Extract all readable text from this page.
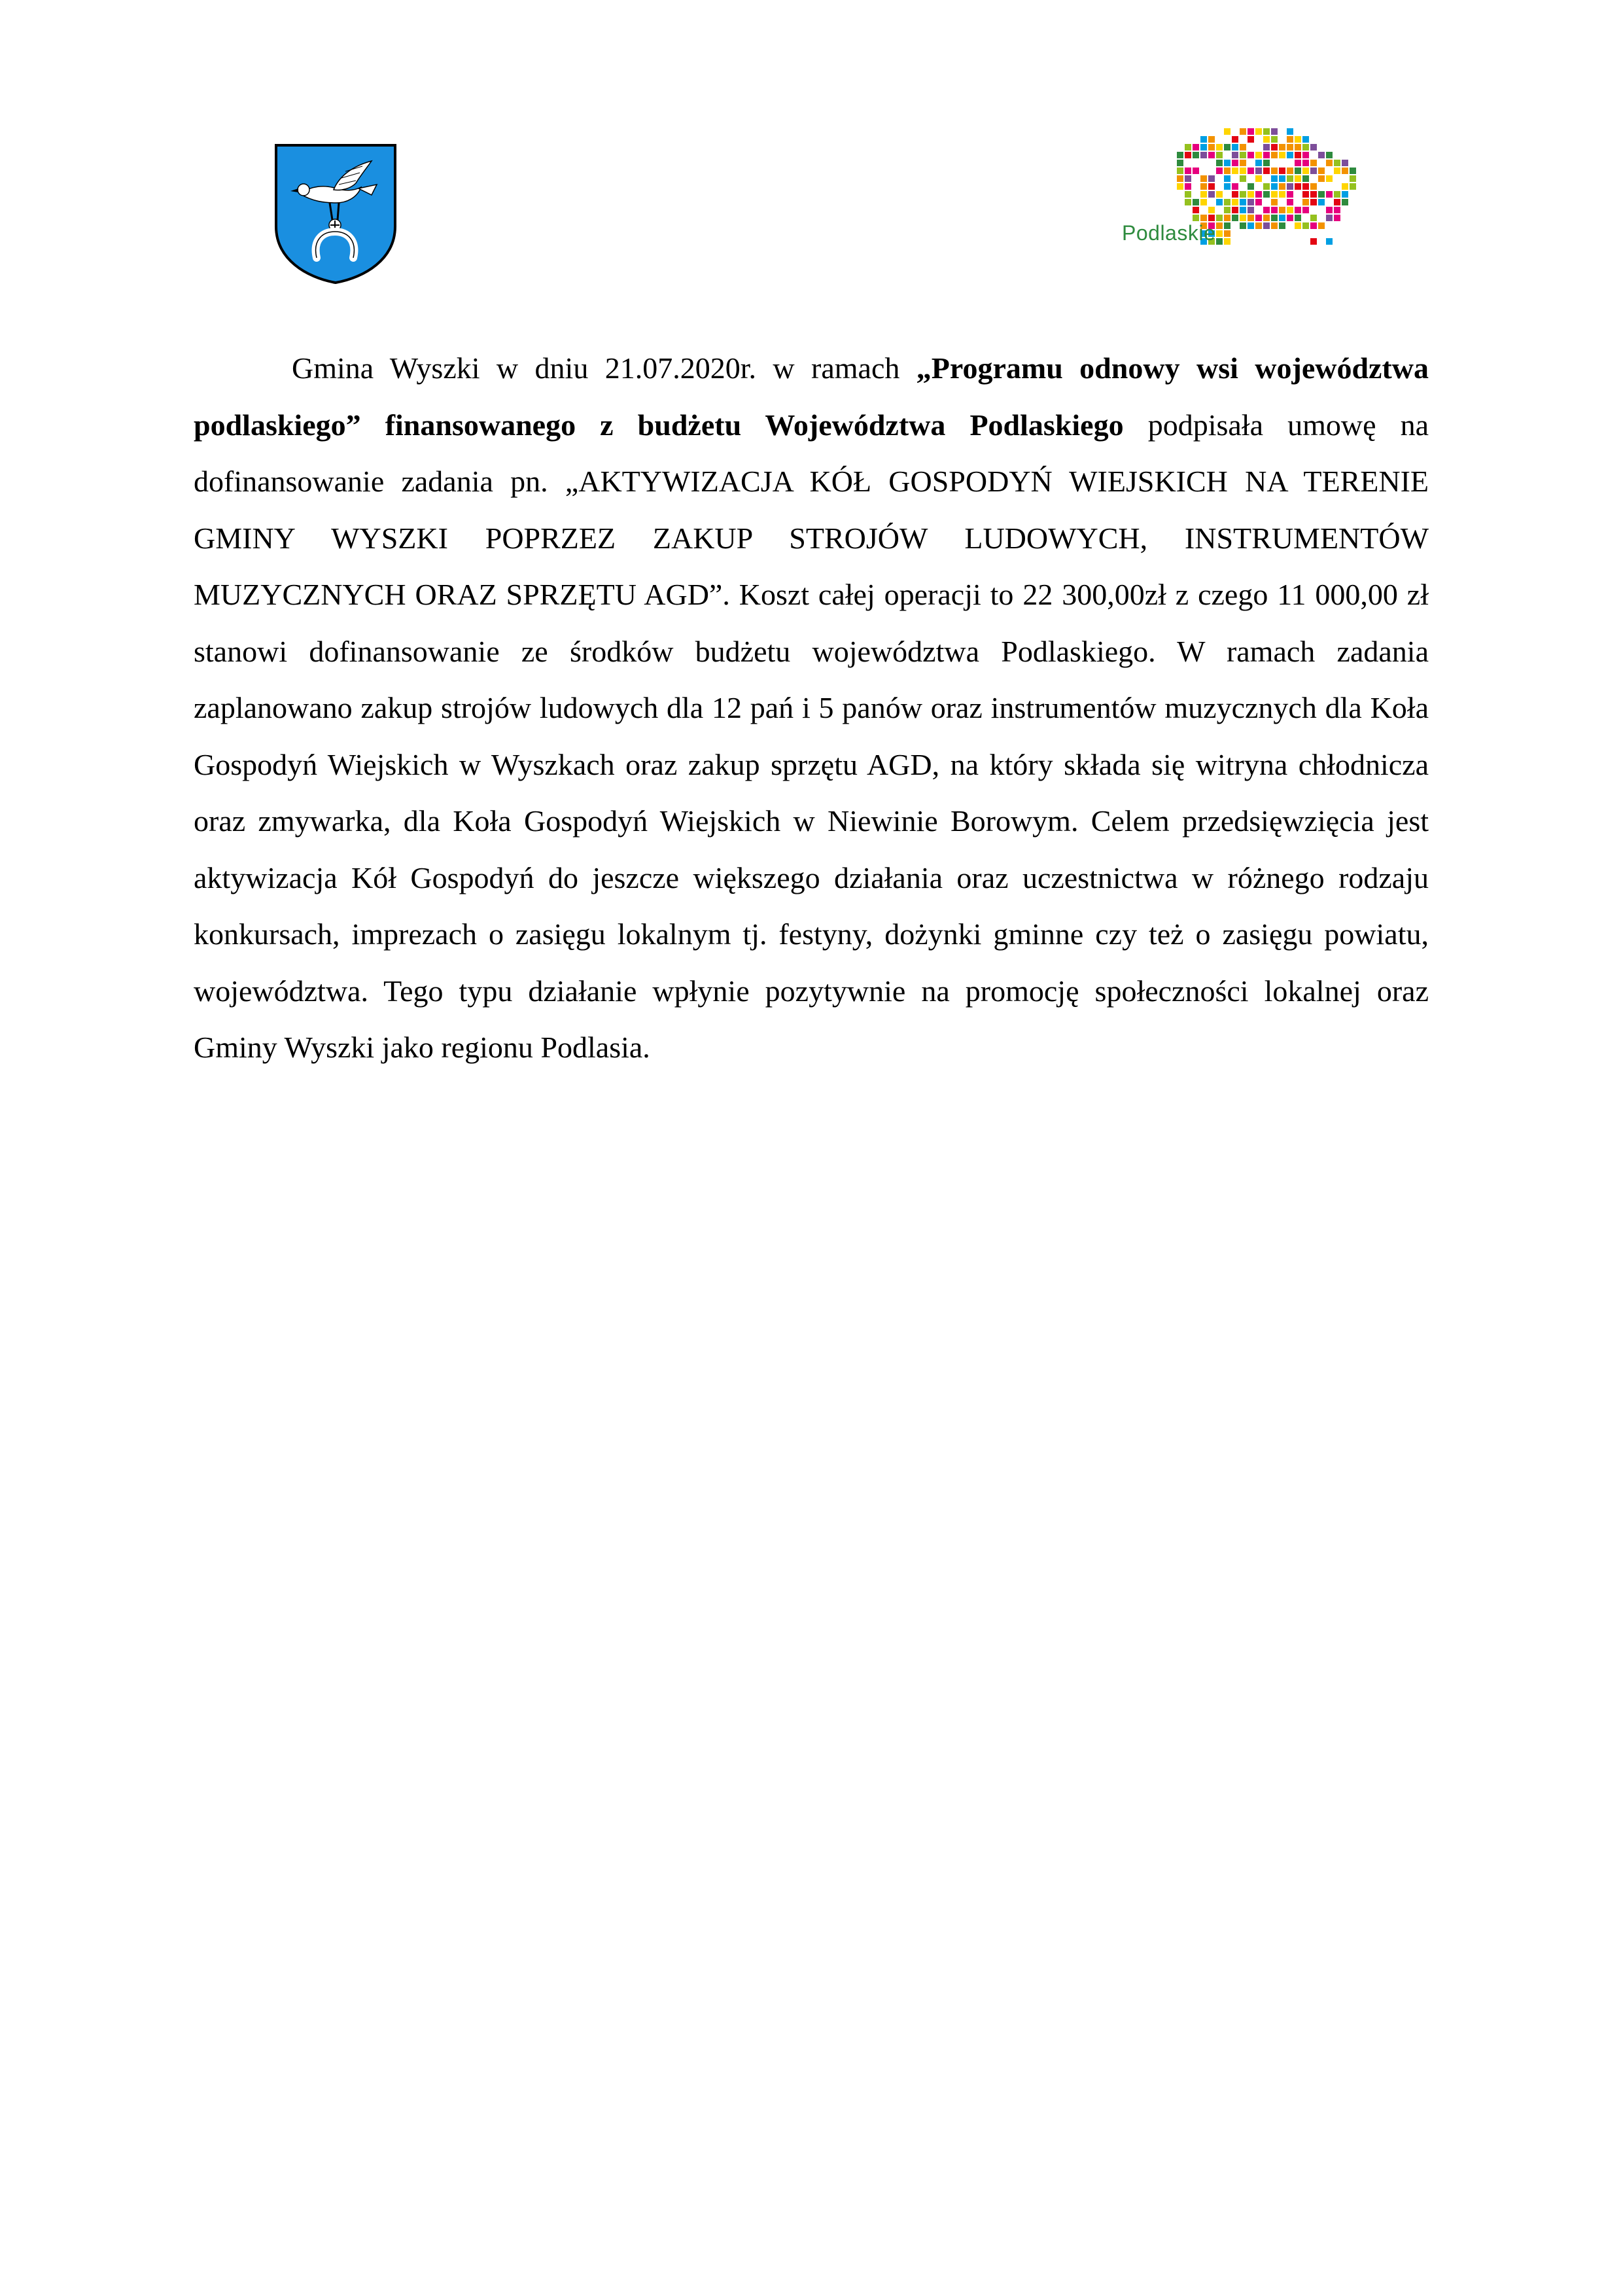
Podlaskie

Gmina Wyszki w dniu 21.07.2020r. w ramach „Programu odnowy wsi województwa podlaskiego” finansowanego z budżetu Województwa Podlaskiego podpisała umowę na dofinansowanie zadania pn. „AKTYWIZACJA KÓŁ GOSPODYŃ WIEJSKICH NA TERENIE GMINY WYSZKI POPRZEZ ZAKUP STROJÓW LUDOWYCH, INSTRUMENTÓW MUZYCZNYCH ORAZ SPRZĘTU AGD”. Koszt całej operacji to 22 300,00zł z czego 11 000,00 zł stanowi dofinansowanie ze środków budżetu województwa Podlaskiego. W ramach zadania zaplanowano zakup strojów ludowych dla 12 pań i 5 panów oraz instrumentów muzycznych dla Koła Gospodyń Wiejskich w Wyszkach oraz zakup sprzętu AGD, na który składa się witryna chłodnicza oraz zmywarka, dla Koła Gospodyń Wiejskich w Niewinie Borowym. Celem przedsięwzięcia jest aktywizacja Kół Gospodyń do jeszcze większego działania oraz uczestnictwa w różnego rodzaju konkursach, imprezach o zasięgu lokalnym tj. festyny, dożynki gminne czy też o zasięgu powiatu, województwa. Tego typu działanie wpłynie pozytywnie na promocję społeczności lokalnej oraz Gminy Wyszki jako regionu Podlasia.
